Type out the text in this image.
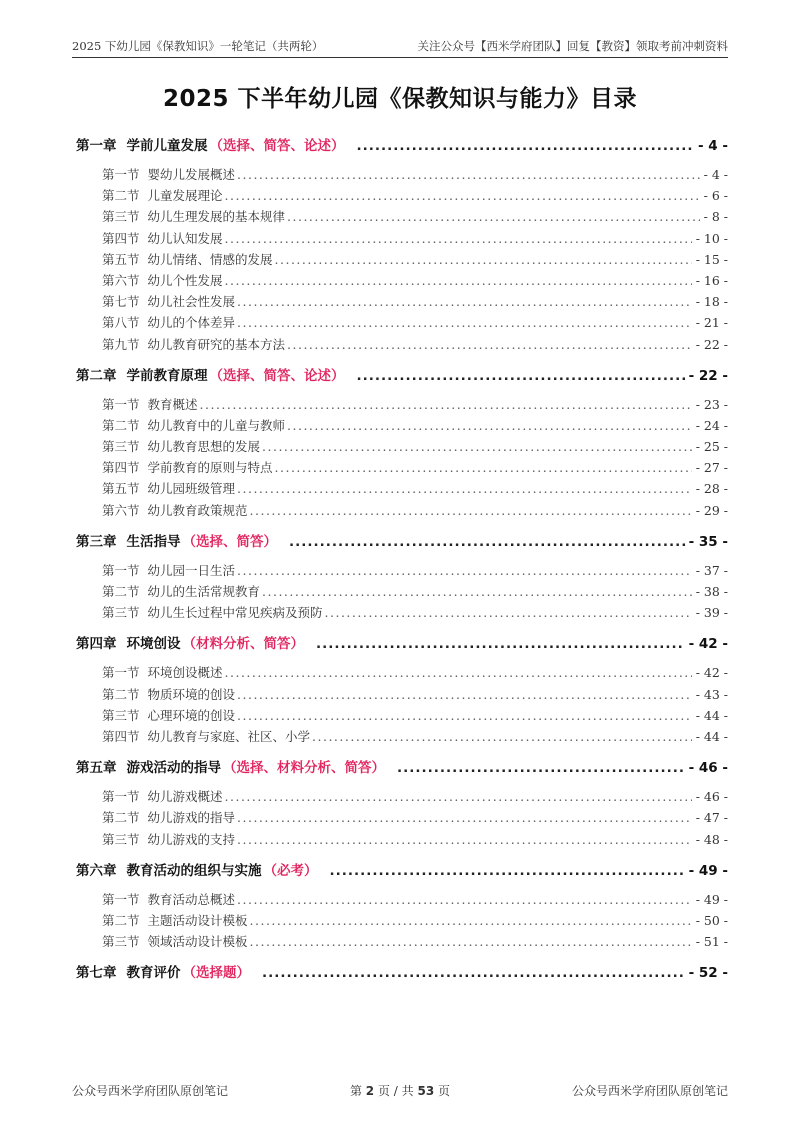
2025 下幼儿园《保教知识》一轮笔记（共两轮）	关注公众号【西米学府团队】回复【教资】领取考前冲刺资料
2025 下半年幼儿园《保教知识与能力》目录
第一章 学前儿童发展 （选择、简答、论述） .....	- 4 -
第一节 婴幼儿发展概述 .....	- 4 -
第二节 儿童发展理论 .....	- 6 -
第三节 幼儿生理发展的基本规律 .....	- 8 -
第四节 幼儿认知发展 .....	- 10 -
第五节 幼儿情绪、情感的发展 .....	- 15 -
第六节 幼儿个性发展 .....	- 16 -
第七节 幼儿社会性发展 .....	- 18 -
第八节 幼儿的个体差异 .....	- 21 -
第九节 幼儿教育研究的基本方法 .....	- 22 -
第二章 学前教育原理 （选择、简答、论述） .....	- 22 -
第一节 教育概述 .....	- 23 -
第二节 幼儿教育中的儿童与教师 .....	- 24 -
第三节 幼儿教育思想的发展 .....	- 25 -
第四节 学前教育的原则与特点 .....	- 27 -
第五节 幼儿园班级管理 .....	- 28 -
第六节 幼儿教育政策规范 .....	- 29 -
第三章 生活指导 （选择、简答） .....	- 35 -
第一节 幼儿园一日生活 .....	- 37 -
第二节 幼儿的生活常规教育 .....	- 38 -
第三节 幼儿生长过程中常见疾病及预防 .....	- 39 -
第四章 环境创设 （材料分析、简答） .....	- 42 -
第一节 环境创设概述 .....	- 42 -
第二节 物质环境的创设 .....	- 43 -
第三节 心理环境的创设 .....	- 44 -
第四节 幼儿教育与家庭、社区、小学 .....	- 44 -
第五章 游戏活动的指导 （选择、材料分析、简答） .....	- 46 -
第一节 幼儿游戏概述 .....	- 46 -
第二节 幼儿游戏的指导 .....	- 47 -
第三节 幼儿游戏的支持 .....	- 48 -
第六章 教育活动的组织与实施 （必考） .....	- 49 -
第一节 教育活动总概述 .....	- 49 -
第二节 主题活动设计模板 .....	- 50 -
第三节 领域活动设计模板 .....	- 51 -
第七章 教育评价 （选择题） .....	- 52 -
公众号西米学府团队原创笔记	第 2 页 / 共 53 页	公众号西米学府团队原创笔记
